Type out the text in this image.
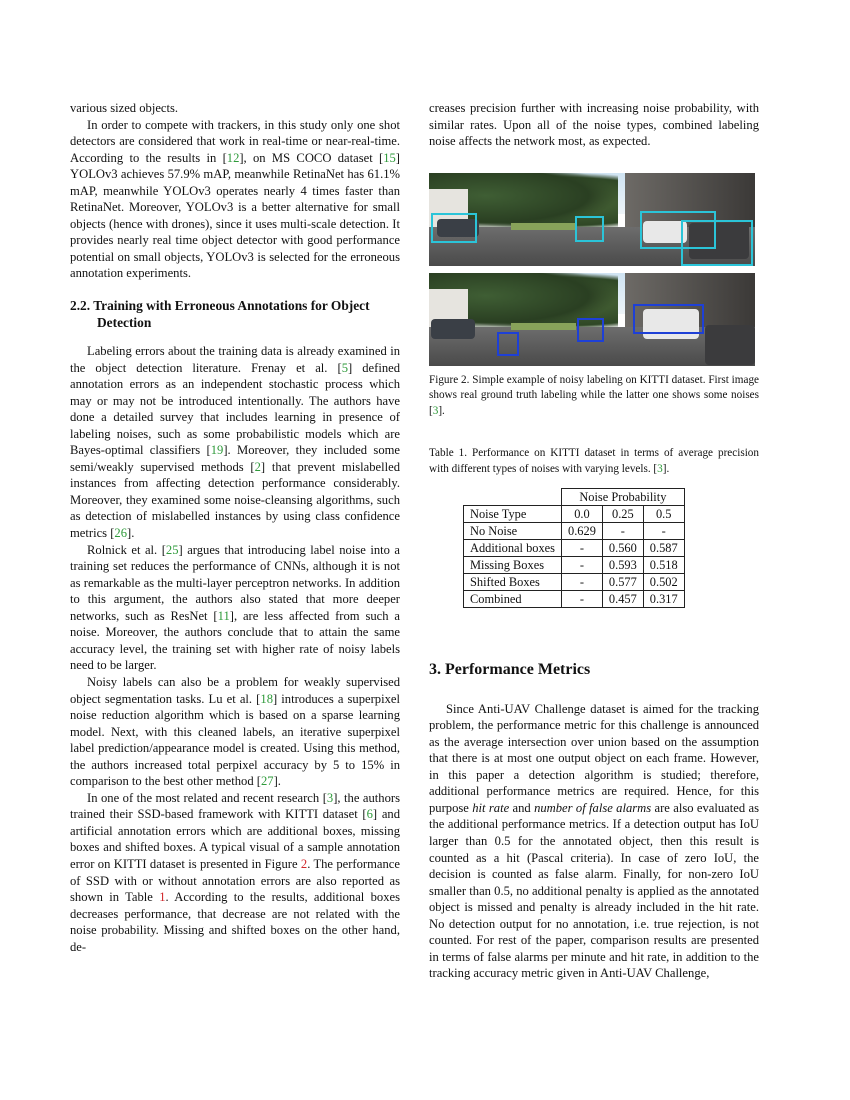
various sized objects.

In order to compete with trackers, in this study only one shot detectors are considered that work in real-time or near-real-time. According to the results in [12], on MS COCO dataset [15] YOLOv3 achieves 57.9% mAP, meanwhile RetinaNet has 61.1% mAP, meanwhile YOLOv3 operates nearly 4 times faster than RetinaNet. Moreover, YOLOv3 is a better alternative for small objects (hence with drones), since it uses multi-scale detection. It provides nearly real time object detector with good performance potential on small objects, YOLOv3 is selected for the erroneous annotation experiments.

2.2. Training with Erroneous Annotations for Object Detection

Labeling errors about the training data is already examined in the object detection literature. Frenay et al. [5] defined annotation errors as an independent stochastic process which may or may not be introduced intentionally. The authors have done a detailed survey that includes learning in presence of labeling noises, such as some probabilistic models which are Bayes-optimal classifiers [19]. Moreover, they included some semi/weakly supervised methods [2] that prevent mislabelled instances from affecting detection performance considerably. Moreover, they examined some noise-cleansing algorithms, such as detection of mislabelled instances by using class confidence metrics [26].

Rolnick et al. [25] argues that introducing label noise into a training set reduces the performance of CNNs, although it is not as remarkable as the multi-layer perceptron networks. In addition to this argument, the authors also stated that more deeper networks, such as ResNet [11], are less affected from such a noise. Moreover, the authors conclude that to attain the same accuracy level, the training set with higher rate of noisy labels need to be larger.

Noisy labels can also be a problem for weakly supervised object segmentation tasks. Lu et al. [18] introduces a superpixel noise reduction algorithm which is based on a sparse learning model. Next, with this cleaned labels, an iterative superpixel label prediction/appearance model is created. Using this method, the authors increased total perpixel accuracy by 5 to 15% in comparison to the best other method [27].

In one of the most related and recent research [3], the authors trained their SSD-based framework with KITTI dataset [6] and artificial annotation errors which are additional boxes, missing boxes and shifted boxes. A typical visual of a sample annotation error on KITTI dataset is presented in Figure 2. The performance of SSD with or without annotation errors are also reported as shown in Table 1. According to the results, additional boxes decreases performance, that decrease are not related with the noise probability. Missing and shifted boxes on the other hand, de-

creases precision further with increasing noise probability, with similar rates. Upon all of the noise types, combined labeling noise affects the network most, as expected.

Figure 2. Simple example of noisy labeling on KITTI dataset. First image shows real ground truth labeling while the latter one shows some noises [3].

Table 1. Performance on KITTI dataset in terms of average precision with different types of noises with varying levels. [3].

	Noise Probability		
Noise Type	0.0	0.25	0.5
No Noise	0.629	-	-
Additional boxes	-	0.560	0.587
Missing Boxes	-	0.593	0.518
Shifted Boxes	-	0.577	0.502
Combined	-	0.457	0.317
3. Performance Metrics

Since Anti-UAV Challenge dataset is aimed for the tracking problem, the performance metric for this challenge is announced as the average intersection over union based on the assumption that there is at most one output object on each frame. However, in this paper a detection algorithm is studied; therefore, additional performance metrics are required. Hence, for this purpose hit rate and number of false alarms are also evaluated as the additional performance metrics. If a detection output has IoU larger than 0.5 for the annotated object, then this result is counted as a hit (Pascal criteria). In case of zero IoU, the decision is counted as false alarm. Finally, for non-zero IoU smaller than 0.5, no additional penalty is applied as the annotated object is missed and penalty is already included in the hit rate. No detection output for no annotation, i.e. true rejection, is not counted. For rest of the paper, comparison results are presented in terms of false alarms per minute and hit rate, in addition to the tracking accuracy metric given in Anti-UAV Challenge,
